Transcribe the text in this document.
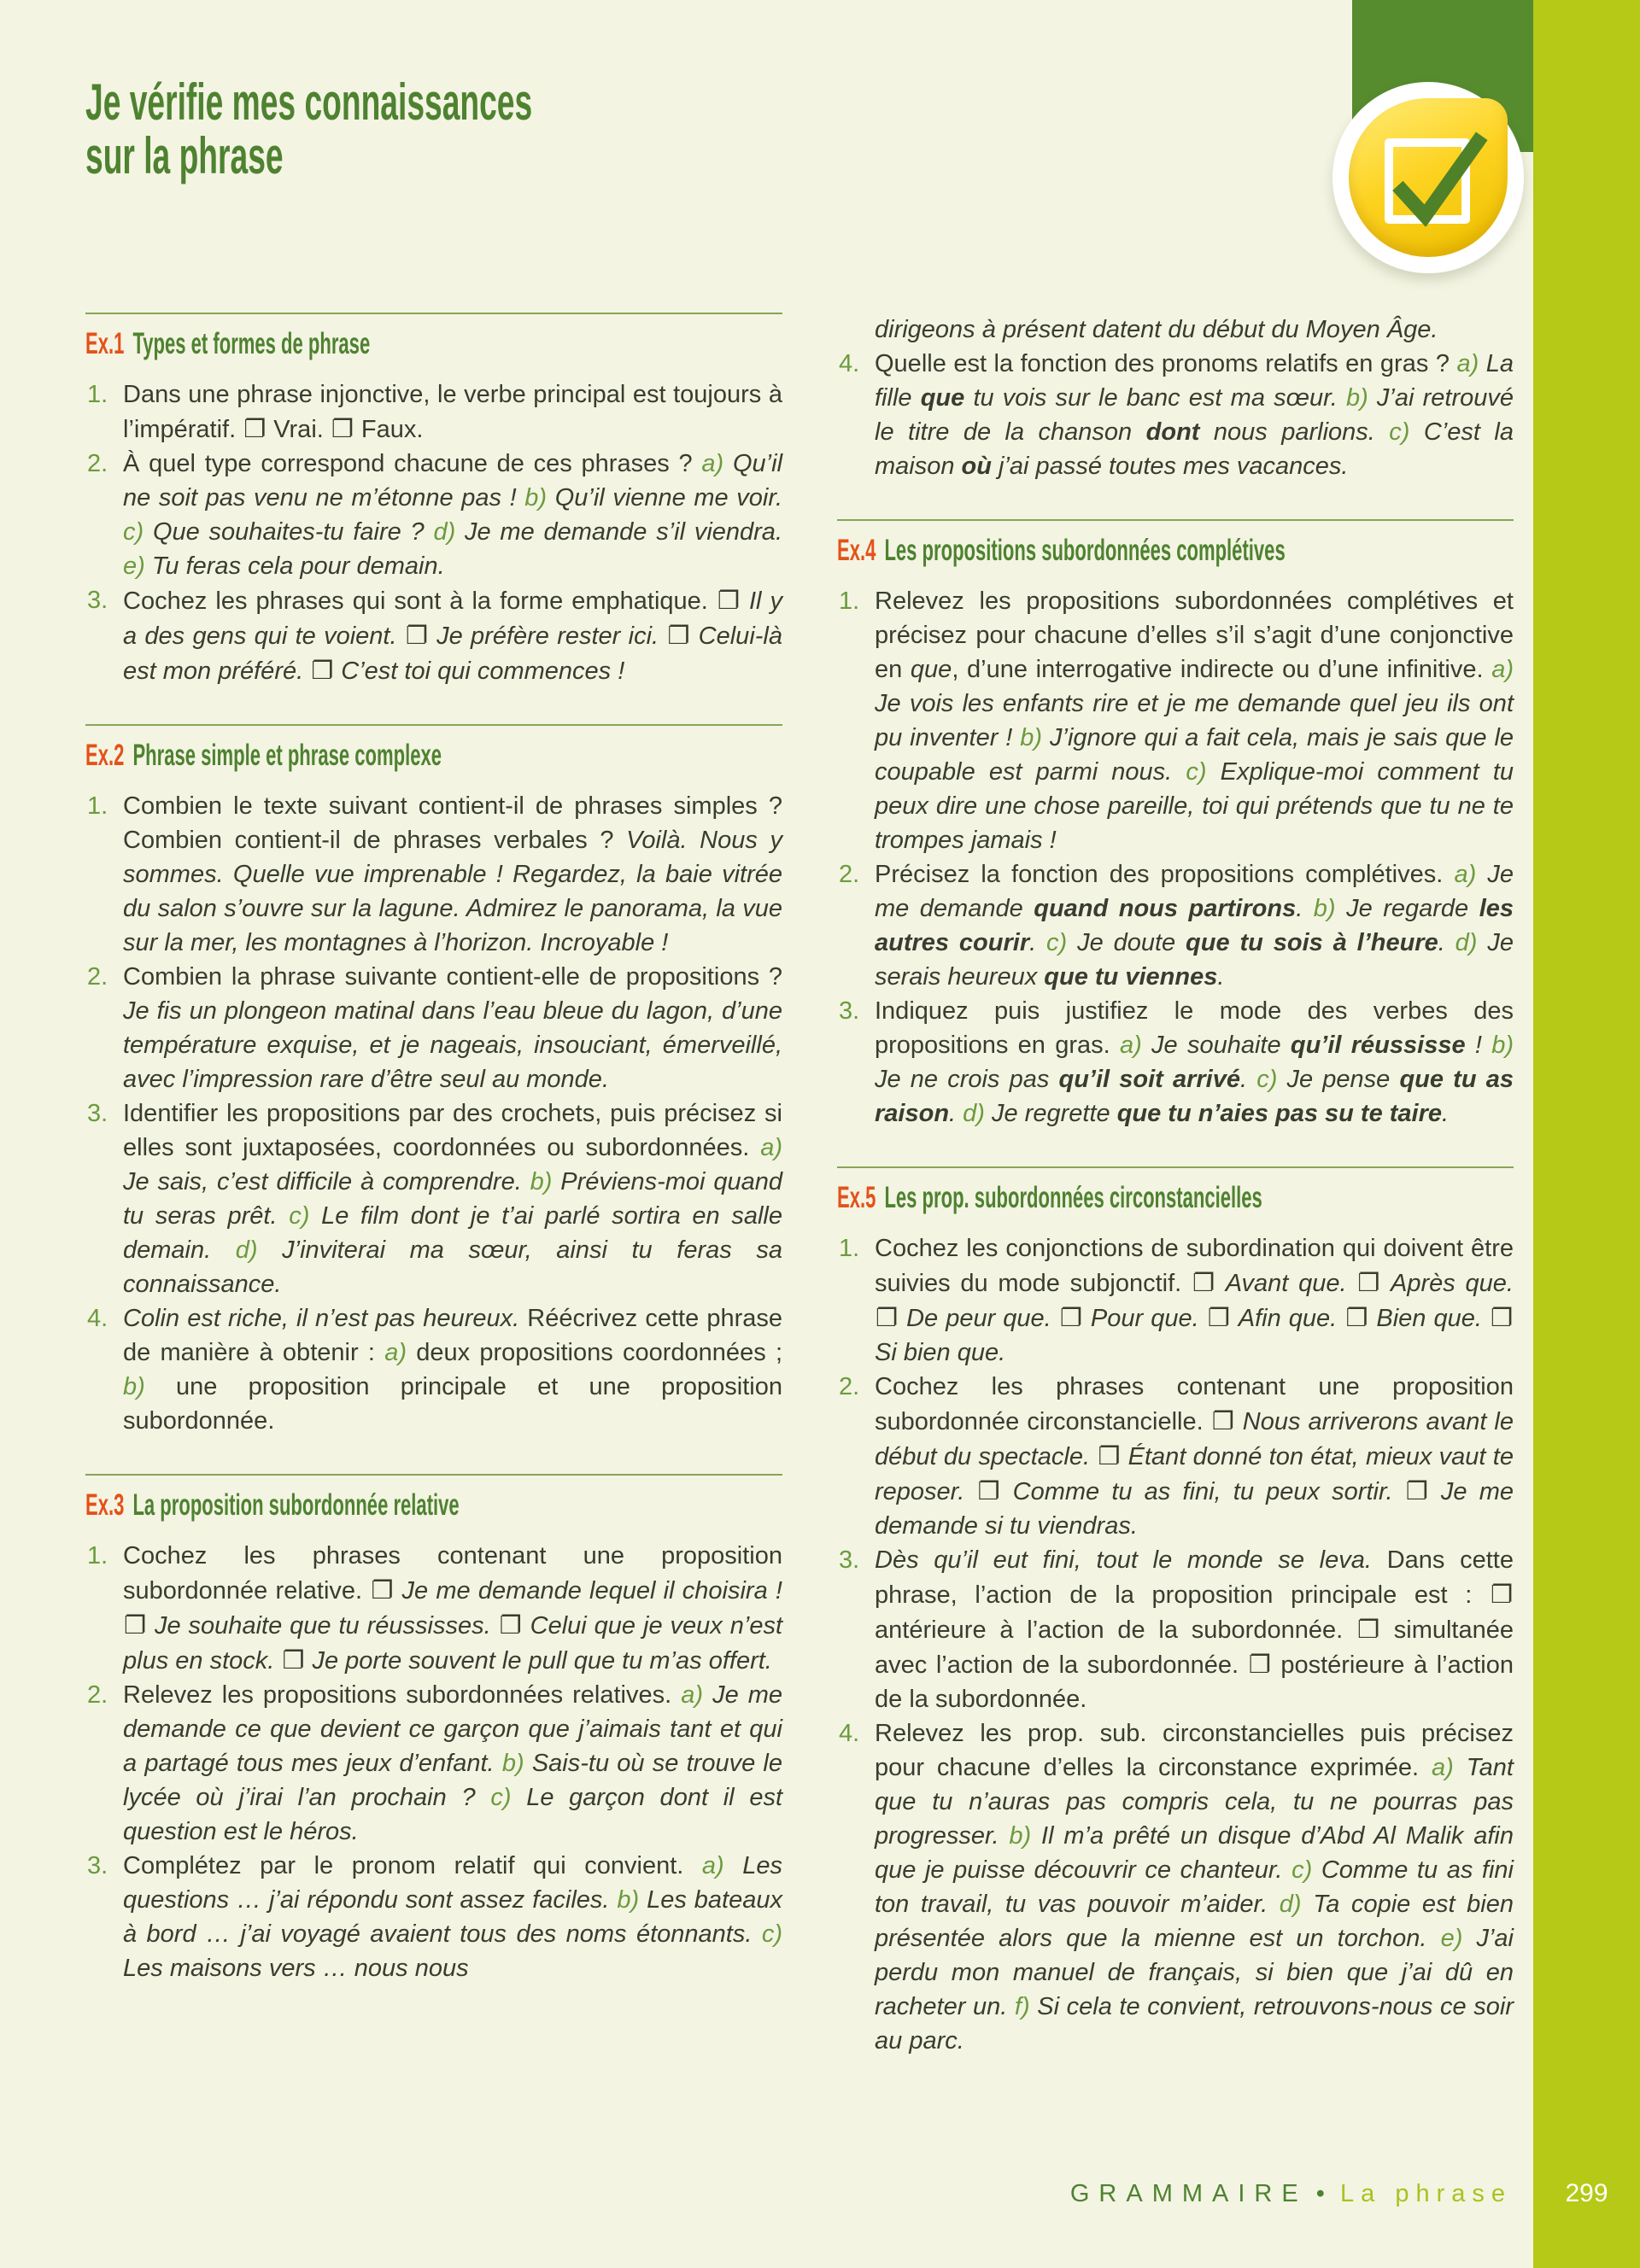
Je vérifie mes connaissances
sur la phrase
Ex.1 Types et formes de phrase
1. Dans une phrase injonctive, le verbe principal est toujours à l’impératif. ❐ Vrai. ❐ Faux.
2. À quel type correspond chacune de ces phrases ? a) Qu’il ne soit pas venu ne m’étonne pas ! b) Qu’il vienne me voir. c) Que souhaites-tu faire ? d) Je me demande s’il viendra. e) Tu feras cela pour demain.
3. Cochez les phrases qui sont à la forme emphatique. ❐ Il y a des gens qui te voient. ❐ Je préfère rester ici. ❐ Celui-là est mon préféré. ❐ C’est toi qui commences !
Ex.2 Phrase simple et phrase complexe
1. Combien le texte suivant contient-il de phrases simples ? Combien contient-il de phrases verbales ? Voilà. Nous y sommes. Quelle vue imprenable ! Regardez, la baie vitrée du salon s’ouvre sur la lagune. Admirez le panorama, la vue sur la mer, les montagnes à l’horizon. Incroyable !
2. Combien la phrase suivante contient-elle de propositions ? Je fis un plongeon matinal dans l’eau bleue du lagon, d’une température exquise, et je nageais, insouciant, émerveillé, avec l’impression rare d’être seul au monde.
3. Identifier les propositions par des crochets, puis précisez si elles sont juxtaposées, coordonnées ou subordonnées. a) Je sais, c’est difficile à comprendre. b) Préviens-moi quand tu seras prêt. c) Le film dont je t’ai parlé sortira en salle demain. d) J’inviterai ma sœur, ainsi tu feras sa connaissance.
4. Colin est riche, il n’est pas heureux. Réécrivez cette phrase de manière à obtenir : a) deux propositions coordonnées ; b) une proposition principale et une proposition subordonnée.
Ex.3 La proposition subordonnée relative
1. Cochez les phrases contenant une proposition subordonnée relative. ❐ Je me demande lequel il choisira ! ❐ Je souhaite que tu réussisses. ❐ Celui que je veux n’est plus en stock. ❐ Je porte souvent le pull que tu m’as offert.
2. Relevez les propositions subordonnées relatives. a) Je me demande ce que devient ce garçon que j’aimais tant et qui a partagé tous mes jeux d’enfant. b) Sais-tu où se trouve le lycée où j’irai l’an prochain ? c) Le garçon dont il est question est le héros.
3. Complétez par le pronom relatif qui convient. a) Les questions … j’ai répondu sont assez faciles. b) Les bateaux à bord … j’ai voyagé avaient tous des noms étonnants. c) Les maisons vers … nous nous
dirigeons à présent datent du début du Moyen Âge.
4. Quelle est la fonction des pronoms relatifs en gras ? a) La fille que tu vois sur le banc est ma sœur. b) J’ai retrouvé le titre de la chanson dont nous parlions. c) C’est la maison où j’ai passé toutes mes vacances.
Ex.4 Les propositions subordonnées complétives
1. Relevez les propositions subordonnées complétives et précisez pour chacune d’elles s’il s’agit d’une conjonctive en que, d’une interrogative indirecte ou d’une infinitive. a) Je vois les enfants rire et je me demande quel jeu ils ont pu inventer ! b) J’ignore qui a fait cela, mais je sais que le coupable est parmi nous. c) Explique-moi comment tu peux dire une chose pareille, toi qui prétends que tu ne te trompes jamais !
2. Précisez la fonction des propositions complétives. a) Je me demande quand nous partirons. b) Je regarde les autres courir. c) Je doute que tu sois à l’heure. d) Je serais heureux que tu viennes.
3. Indiquez puis justifiez le mode des verbes des propositions en gras. a) Je souhaite qu’il réussisse ! b) Je ne crois pas qu’il soit arrivé. c) Je pense que tu as raison. d) Je regrette que tu n’aies pas su te taire.
Ex.5 Les prop. subordonnées circonstancielles
1. Cochez les conjonctions de subordination qui doivent être suivies du mode subjonctif. ❐ Avant que. ❐ Après que. ❐ De peur que. ❐ Pour que. ❐ Afin que. ❐ Bien que. ❐ Si bien que.
2. Cochez les phrases contenant une proposition subordonnée circonstancielle. ❐ Nous arriverons avant le début du spectacle. ❐ Étant donné ton état, mieux vaut te reposer. ❐ Comme tu as fini, tu peux sortir. ❐ Je me demande si tu viendras.
3. Dès qu’il eut fini, tout le monde se leva. Dans cette phrase, l’action de la proposition principale est : ❐ antérieure à l’action de la subordonnée. ❐ simultanée avec l’action de la subordonnée. ❐ postérieure à l’action de la subordonnée.
4. Relevez les prop. sub. circonstancielles puis précisez pour chacune d’elles la circonstance exprimée. a) Tant que tu n’auras pas compris cela, tu ne pourras pas progresser. b) Il m’a prêté un disque d’Abd Al Malik afin que je puisse découvrir ce chanteur. c) Comme tu as fini ton travail, tu vas pouvoir m’aider. d) Ta copie est bien présentée alors que la mienne est un torchon. e) J’ai perdu mon manuel de français, si bien que j’ai dû en racheter un. f) Si cela te convient, retrouvons-nous ce soir au parc.
GRAMMAIRE • La phrase	299
